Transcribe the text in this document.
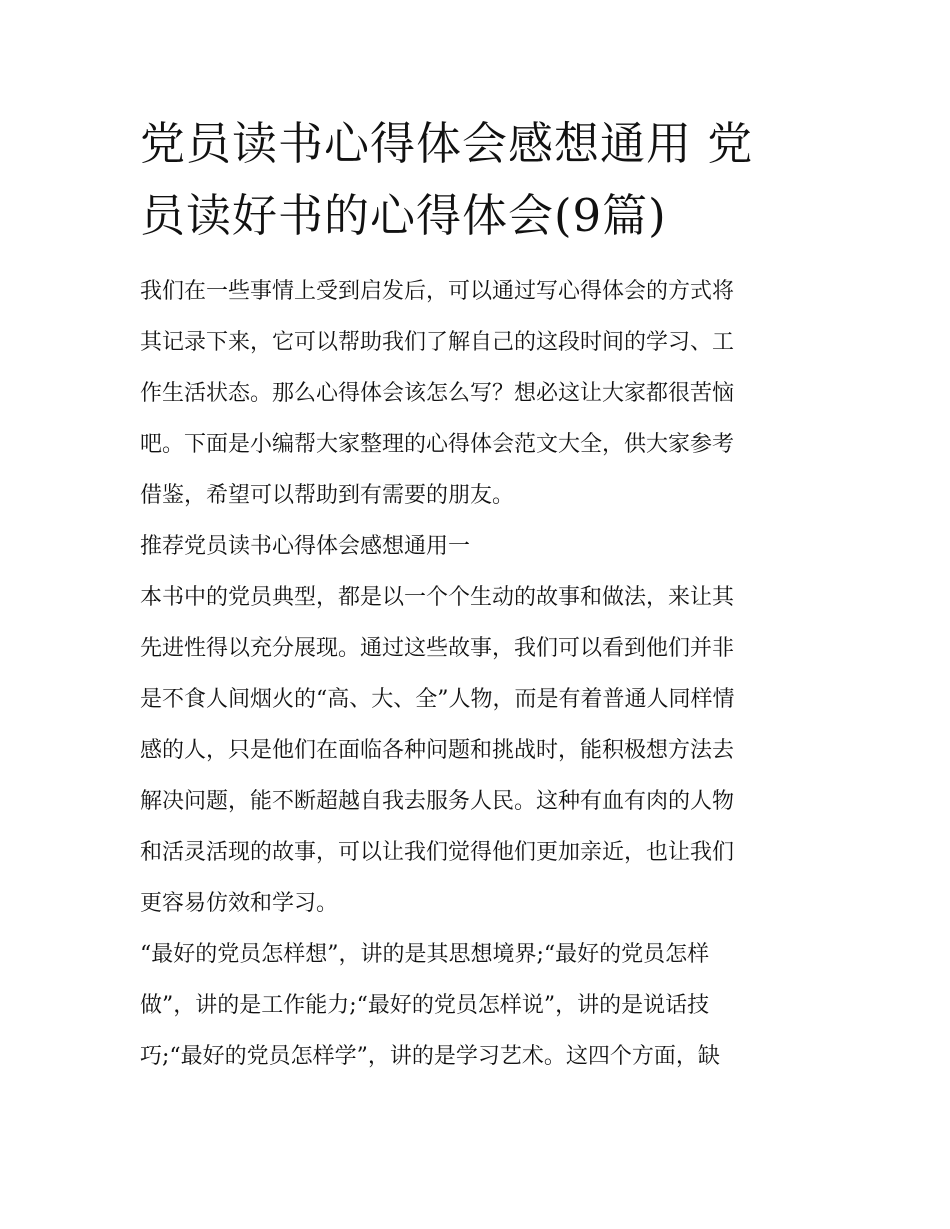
党员读书心得体会感想通用 党
员读好书的心得体会(9篇)

我们在一些事情上受到启发后，可以通过写心得体会的方式将
其记录下来，它可以帮助我们了解自己的这段时间的学习、工
作生活状态。那么心得体会该怎么写？想必这让大家都很苦恼
吧。下面是小编帮大家整理的心得体会范文大全，供大家参考
借鉴，希望可以帮助到有需要的朋友。

推荐党员读书心得体会感想通用一

本书中的党员典型，都是以一个个生动的故事和做法，来让其
先进性得以充分展现。通过这些故事，我们可以看到他们并非
是不食人间烟火的“高、大、全”人物，而是有着普通人同样情
感的人，只是他们在面临各种问题和挑战时，能积极想方法去
解决问题，能不断超越自我去服务人民。这种有血有肉的人物
和活灵活现的故事，可以让我们觉得他们更加亲近，也让我们
更容易仿效和学习。

“最好的党员怎样想”，讲的是其思想境界;“最好的党员怎样
做”，讲的是工作能力;“最好的党员怎样说”，讲的是说话技
巧;“最好的党员怎样学”，讲的是学习艺术。这四个方面，缺
